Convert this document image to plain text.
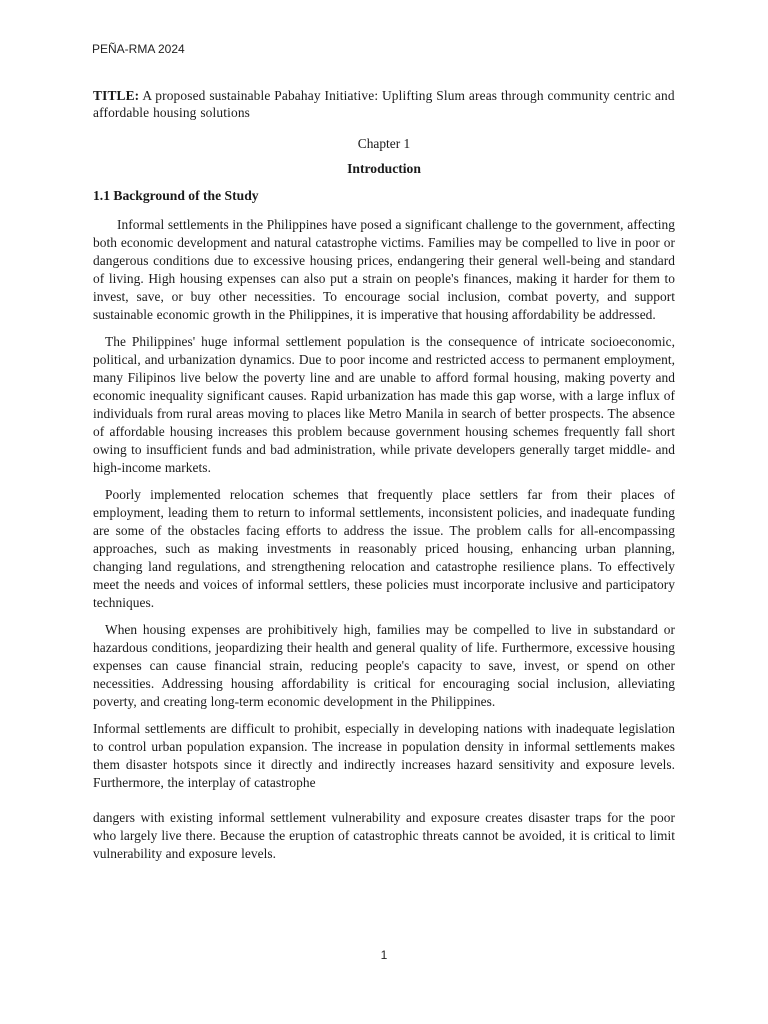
PEÑA-RMA 2024

TITLE: A proposed sustainable Pabahay Initiative: Uplifting Slum areas through community centric and affordable housing solutions

Chapter 1
Introduction
1.1 Background of the Study

Informal settlements in the Philippines have posed a significant challenge to the government, affecting both economic development and natural catastrophe victims. Families may be compelled to live in poor or dangerous conditions due to excessive housing prices, endangering their general well-being and standard of living. High housing expenses can also put a strain on people's finances, making it harder for them to invest, save, or buy other necessities. To encourage social inclusion, combat poverty, and support sustainable economic growth in the Philippines, it is imperative that housing affordability be addressed.

The Philippines' huge informal settlement population is the consequence of intricate socioeconomic, political, and urbanization dynamics. Due to poor income and restricted access to permanent employment, many Filipinos live below the poverty line and are unable to afford formal housing, making poverty and economic inequality significant causes. Rapid urbanization has made this gap worse, with a large influx of individuals from rural areas moving to places like Metro Manila in search of better prospects. The absence of affordable housing increases this problem because government housing schemes frequently fall short owing to insufficient funds and bad administration, while private developers generally target middle- and high-income markets.

Poorly implemented relocation schemes that frequently place settlers far from their places of employment, leading them to return to informal settlements, inconsistent policies, and inadequate funding are some of the obstacles facing efforts to address the issue. The problem calls for all-encompassing approaches, such as making investments in reasonably priced housing, enhancing urban planning, changing land regulations, and strengthening relocation and catastrophe resilience plans. To effectively meet the needs and voices of informal settlers, these policies must incorporate inclusive and participatory techniques.

When housing expenses are prohibitively high, families may be compelled to live in substandard or hazardous conditions, jeopardizing their health and general quality of life. Furthermore, excessive housing expenses can cause financial strain, reducing people's capacity to save, invest, or spend on other necessities. Addressing housing affordability is critical for encouraging social inclusion, alleviating poverty, and creating long-term economic development in the Philippines.

Informal settlements are difficult to prohibit, especially in developing nations with inadequate legislation to control urban population expansion. The increase in population density in informal settlements makes them disaster hotspots since it directly and indirectly increases hazard sensitivity and exposure levels. Furthermore, the interplay of catastrophe

dangers with existing informal settlement vulnerability and exposure creates disaster traps for the poor who largely live there. Because the eruption of catastrophic threats cannot be avoided, it is critical to limit vulnerability and exposure levels.

1
